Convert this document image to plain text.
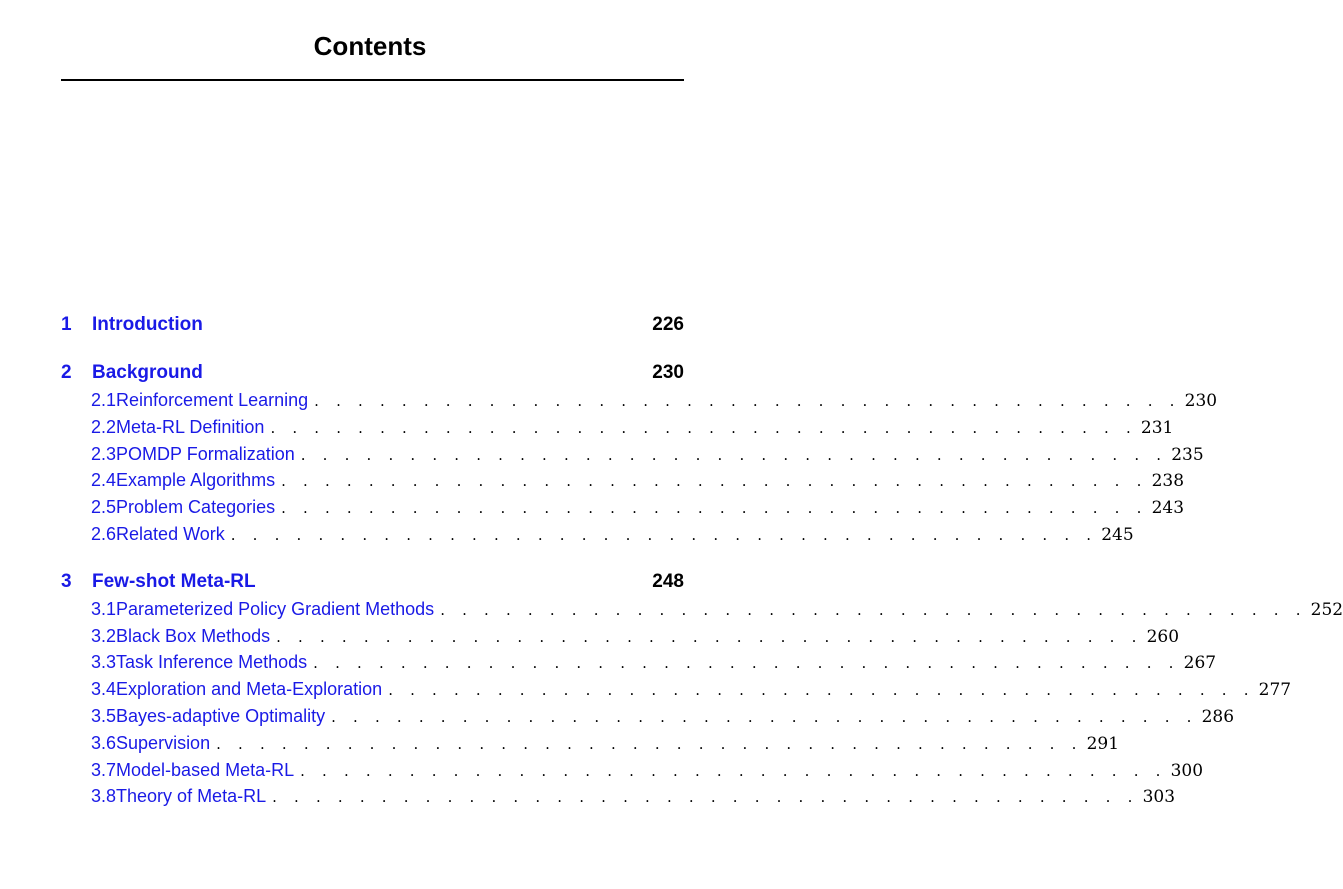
Contents
1	Introduction	226
2	Background	230
2.1 Reinforcement Learning . . . . . . . . . . . . . . . . . . . . . . . . . . . . . . . . . . . . . . . . 230
2.2 Meta-RL Definition . . . . . . . . . . . . . . . . . . . . . . . . . . . . . . . . . . . . . . . . 231
2.3 POMDP Formalization . . . . . . . . . . . . . . . . . . . . . . . . . . . . . . . . . . . . . . . . 235
2.4 Example Algorithms . . . . . . . . . . . . . . . . . . . . . . . . . . . . . . . . . . . . . . . . 238
2.5 Problem Categories . . . . . . . . . . . . . . . . . . . . . . . . . . . . . . . . . . . . . . . . 243
2.6 Related Work . . . . . . . . . . . . . . . . . . . . . . . . . . . . . . . . . . . . . . . . 245
3	Few-shot Meta-RL	248
3.1 Parameterized Policy Gradient Methods . . . . . . . . . . . . . . . . . . . . . . . . . . . . . . . . . . . . . . . . 252
3.2 Black Box Methods . . . . . . . . . . . . . . . . . . . . . . . . . . . . . . . . . . . . . . . . 260
3.3 Task Inference Methods . . . . . . . . . . . . . . . . . . . . . . . . . . . . . . . . . . . . . . . . 267
3.4 Exploration and Meta-Exploration . . . . . . . . . . . . . . . . . . . . . . . . . . . . . . . . . . . . . . . . 277
3.5 Bayes-adaptive Optimality . . . . . . . . . . . . . . . . . . . . . . . . . . . . . . . . . . . . . . . . 286
3.6 Supervision . . . . . . . . . . . . . . . . . . . . . . . . . . . . . . . . . . . . . . . . 291
3.7 Model-based Meta-RL . . . . . . . . . . . . . . . . . . . . . . . . . . . . . . . . . . . . . . . . 300
3.8 Theory of Meta-RL . . . . . . . . . . . . . . . . . . . . . . . . . . . . . . . . . . . . . . . . 303
